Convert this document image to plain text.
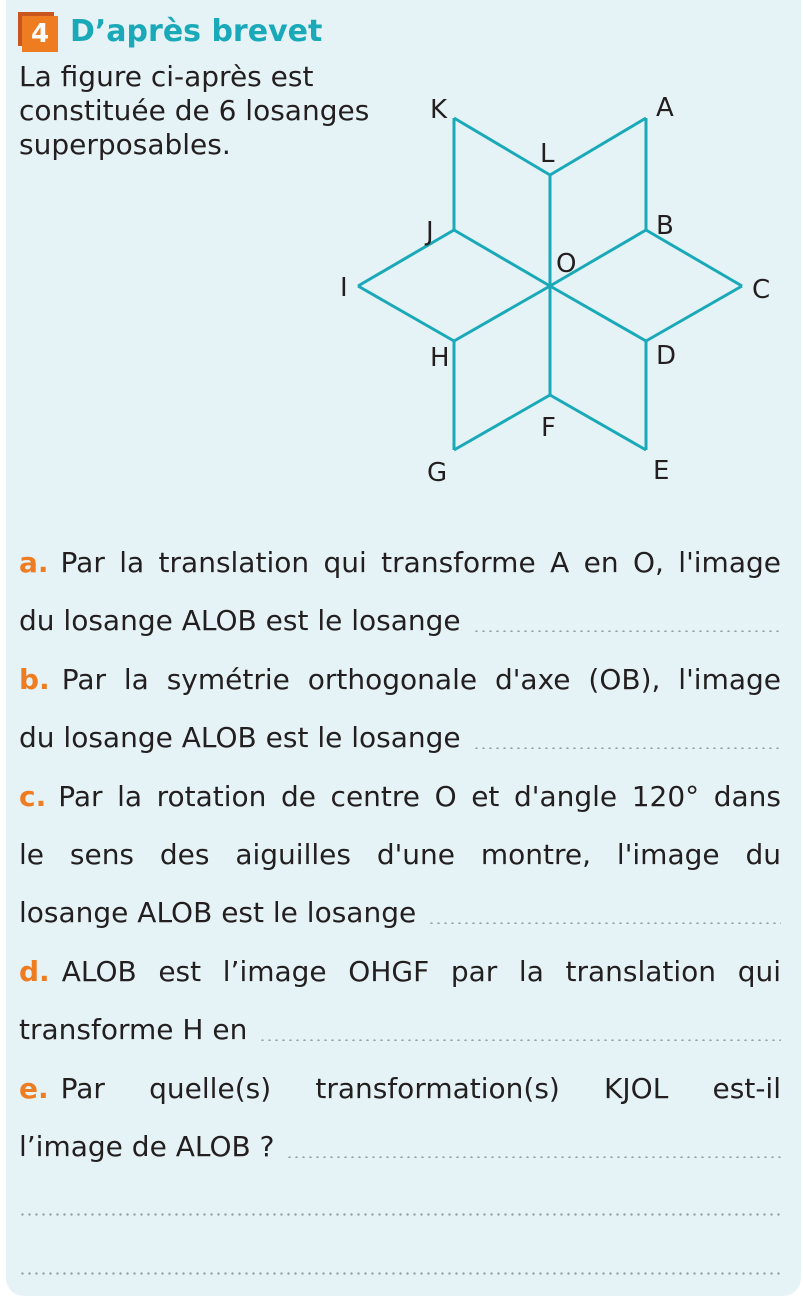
4 D’après brevet
La figure ci-après est
constituée de 6 losanges
superposables.
K	A
L
J	B
O
I	C
H	D
F
G	E
a. Par la translation qui transforme A en O, l'image
du losange ALOB est le losange
b. Par la symétrie orthogonale d'axe (OB), l'image
du losange ALOB est le losange
c. Par la rotation de centre O et d'angle 120° dans
le sens des aiguilles d'une montre, l'image du
losange ALOB est le losange
d. ALOB est l’image OHGF par la translation qui
transforme H en
e. Par quelle(s) transformation(s) KJOL est-il
l’image de ALOB ?
